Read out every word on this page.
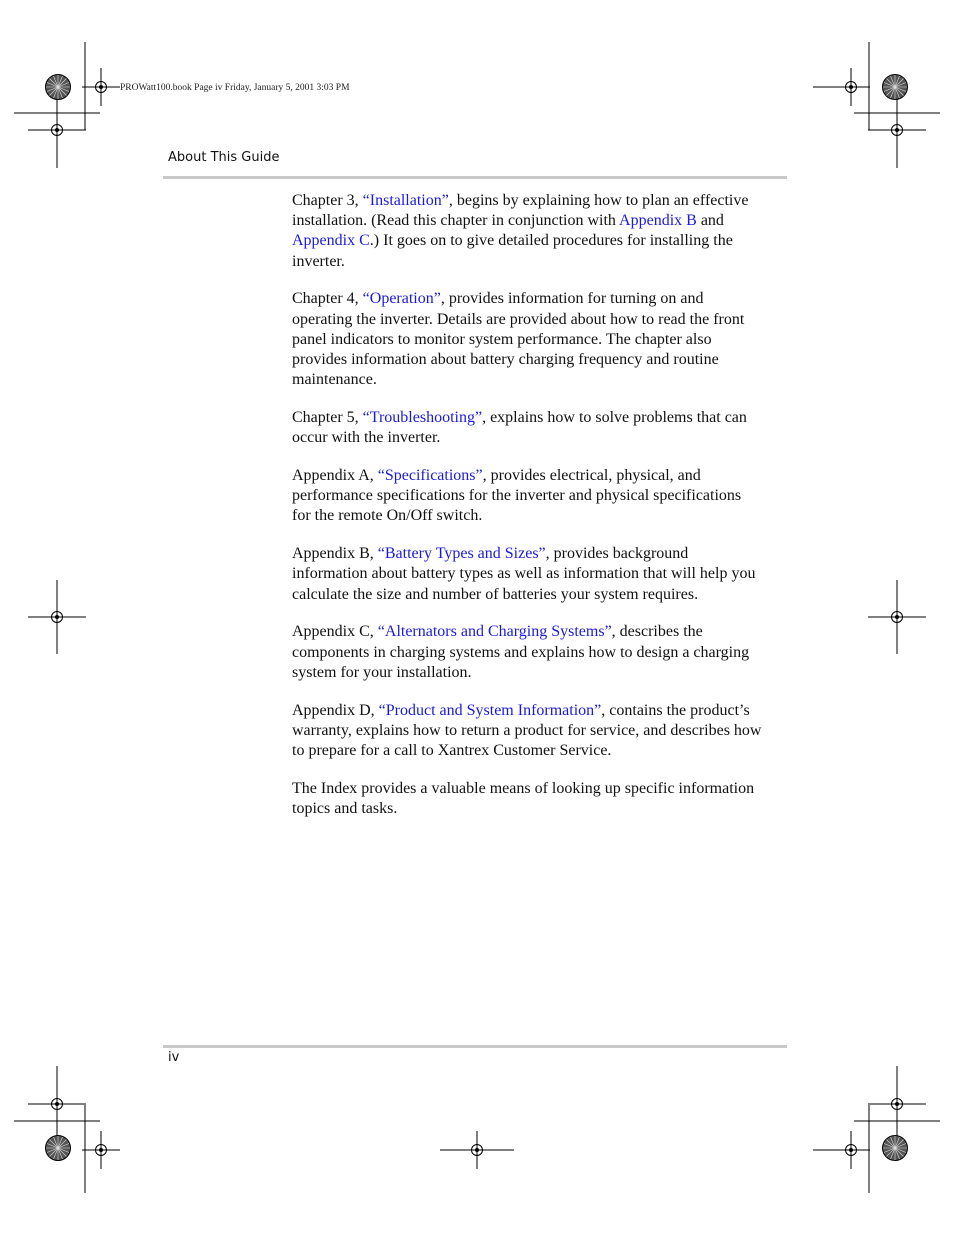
PROWatt100.book Page iv Friday, January 5, 2001 3:03 PM
About This Guide

Chapter 3, “Installation”, begins by explaining how to plan an effective installation. (Read this chapter in conjunction with Appendix B and Appendix C.) It goes on to give detailed procedures for installing the inverter.

Chapter 4, “Operation”, provides information for turning on and operating the inverter. Details are provided about how to read the front panel indicators to monitor system performance. The chapter also provides information about battery charging frequency and routine maintenance.

Chapter 5, “Troubleshooting”, explains how to solve problems that can occur with the inverter.

Appendix A, “Specifications”, provides electrical, physical, and performance specifications for the inverter and physical specifications for the remote On/Off switch.

Appendix B, “Battery Types and Sizes”, provides background information about battery types as well as information that will help you calculate the size and number of batteries your system requires.

Appendix C, “Alternators and Charging Systems”, describes the components in charging systems and explains how to design a charging system for your installation.

Appendix D, “Product and System Information”, contains the product’s warranty, explains how to return a product for service, and describes how to prepare for a call to Xantrex Customer Service.

The Index provides a valuable means of looking up specific information topics and tasks.

iv
